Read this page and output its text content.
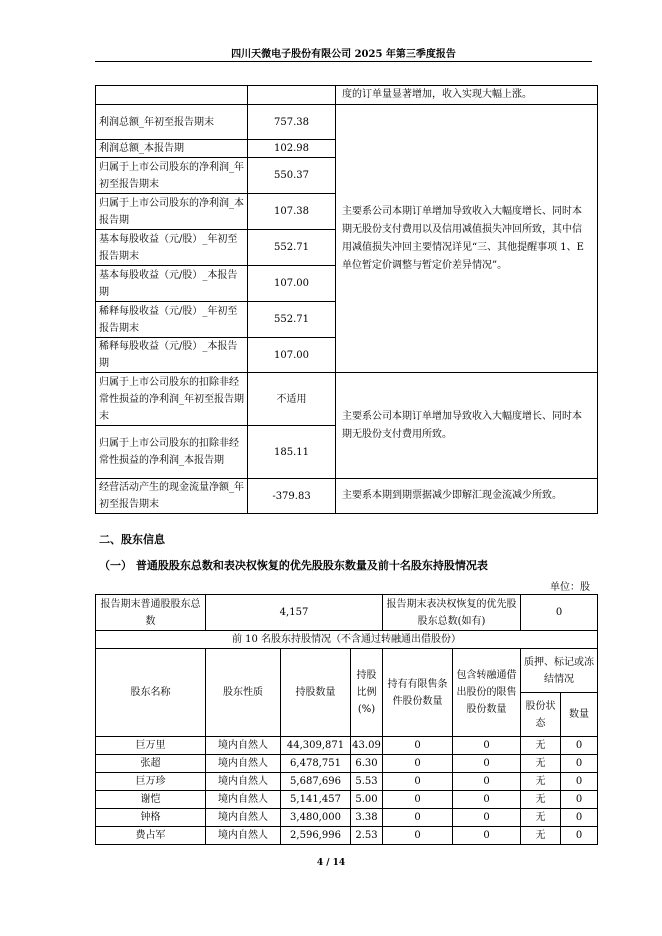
四川天微电子股份有限公司 2025 年第三季度报告
		度的订单量显著增加，收入实现大幅上涨。
利润总额_年初至报告期末	757.38	主要系公司本期订单增加导致收入大幅度增长、同时本期无股份支付费用以及信用减值损失冲回所致，其中信用减值损失冲回主要情况详见“三、其他提醒事项 1、E 单位暂定价调整与暂定价差异情况”。
利润总额_本报告期	102.98	
归属于上市公司股东的净利润_年初至报告期末	550.37	
归属于上市公司股东的净利润_本报告期	107.38	
基本每股收益（元/股）_年初至报告期末	552.71	
基本每股收益（元/股）_本报告期	107.00	
稀释每股收益（元/股）_年初至报告期末	552.71	
稀释每股收益（元/股）_本报告期	107.00	
归属于上市公司股东的扣除非经常性损益的净利润_年初至报告期末	不适用	主要系公司本期订单增加导致收入大幅度增长、同时本期无股份支付费用所致。
归属于上市公司股东的扣除非经常性损益的净利润_本报告期	185.11	
经营活动产生的现金流量净额_年初至报告期末	-379.83	主要系本期到期票据减少即解汇现金流减少所致。
二、股东信息
（一） 普通股股东总数和表决权恢复的优先股股东数量及前十名股东持股情况表
单位：股
报告期末普通股股东总数	4,157			报告期末表决权恢复的优先股股东总数(如有)		0	
前 10 名股东持股情况（不含通过转融通出借股份）							
股东名称	股东性质	持股数量	持股比例(%)	持有有限售条件股份数量	包含转融通借出股份的限售股份数量	质押、标记或冻结情况	
						股份状态	数量
巨万里	境内自然人	44,309,871	43.09	0	0	无	0
张超	境内自然人	6,478,751	6.30	0	0	无	0
巨万珍	境内自然人	5,687,696	5.53	0	0	无	0
谢恺	境内自然人	5,141,457	5.00	0	0	无	0
钟格	境内自然人	3,480,000	3.38	0	0	无	0
费占军	境内自然人	2,596,996	2.53	0	0	无	0
4 / 14
